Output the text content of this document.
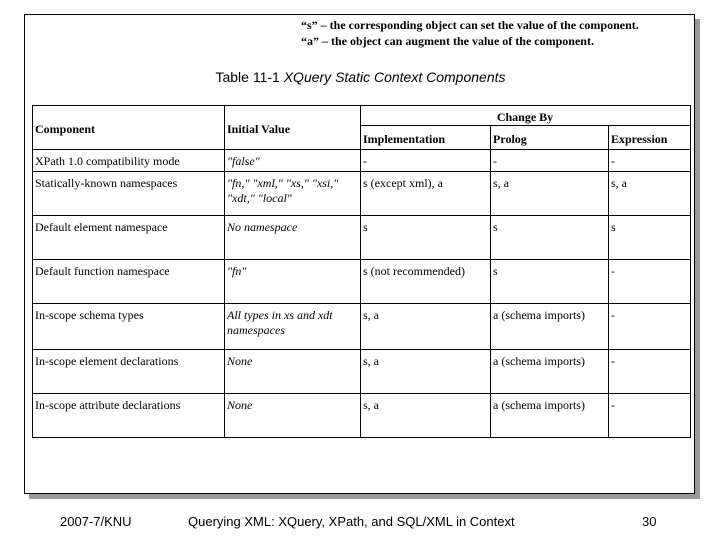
“s” – the corresponding object can set the value of the component.
“a” – the object can augment the value of the component.
Table 11-1 XQuery Static Context Components
Component	Initial Value	Change By		
		Implementation	Prolog	Expression
XPath 1.0 compatibility mode	"false"	-	-	-
Statically-known namespaces	"fn," "xml," "xs," "xsi," "xdt," "local"	s (except xml), a	s, a	s, a
Default element namespace	No namespace	s	s	s
Default function namespace	"fn"	s (not recommended)	s	-
In-scope schema types	All types in xs and xdt namespaces	s, a	a (schema imports)	-
In-scope element declarations	None	s, a	a (schema imports)	-
In-scope attribute declarations	None	s, a	a (schema imports)	-
2007-7/KNU	Querying XML: XQuery, XPath, and SQL/XML in Context	30
